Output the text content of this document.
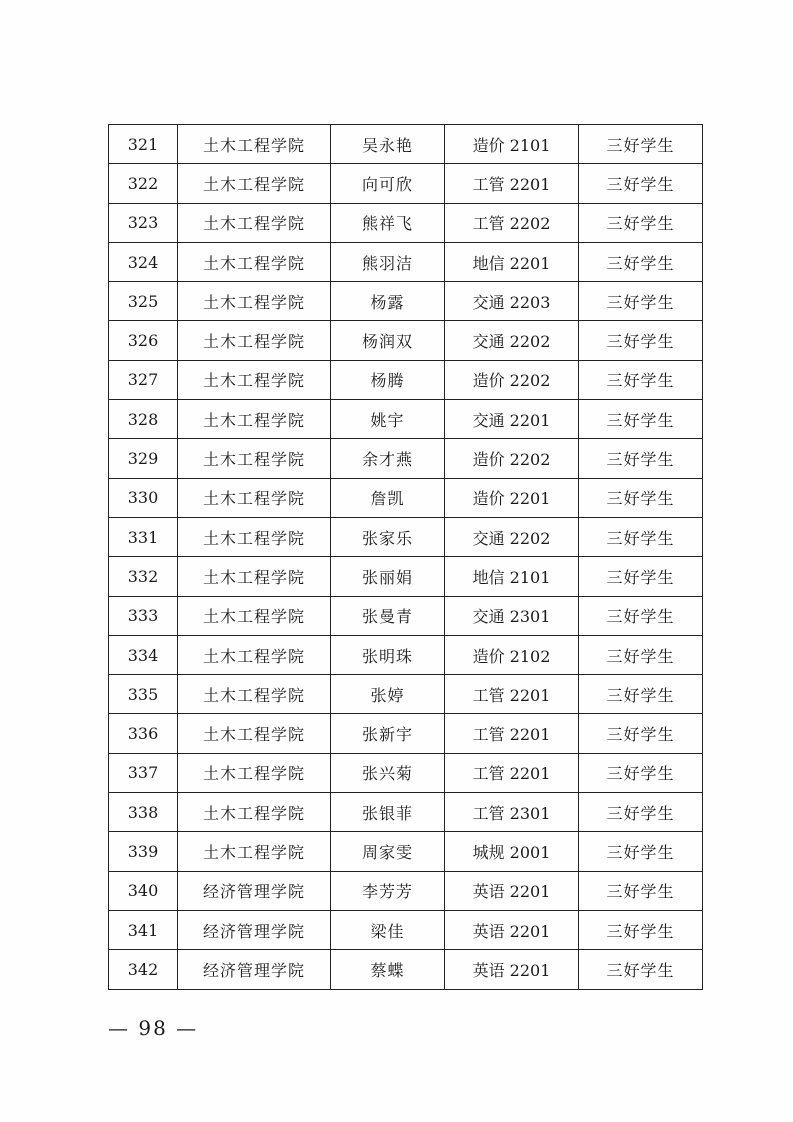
321	土木工程学院	吴永艳	造价 2101	三好学生
322	土木工程学院	向可欣	工管 2201	三好学生
323	土木工程学院	熊祥飞	工管 2202	三好学生
324	土木工程学院	熊羽洁	地信 2201	三好学生
325	土木工程学院	杨露	交通 2203	三好学生
326	土木工程学院	杨润双	交通 2202	三好学生
327	土木工程学院	杨腾	造价 2202	三好学生
328	土木工程学院	姚宇	交通 2201	三好学生
329	土木工程学院	余才燕	造价 2202	三好学生
330	土木工程学院	詹凯	造价 2201	三好学生
331	土木工程学院	张家乐	交通 2202	三好学生
332	土木工程学院	张丽娟	地信 2101	三好学生
333	土木工程学院	张曼青	交通 2301	三好学生
334	土木工程学院	张明珠	造价 2102	三好学生
335	土木工程学院	张婷	工管 2201	三好学生
336	土木工程学院	张新宇	工管 2201	三好学生
337	土木工程学院	张兴菊	工管 2201	三好学生
338	土木工程学院	张银菲	工管 2301	三好学生
339	土木工程学院	周家雯	城规 2001	三好学生
340	经济管理学院	李芳芳	英语 2201	三好学生
341	经济管理学院	梁佳	英语 2201	三好学生
342	经济管理学院	蔡蝶	英语 2201	三好学生
— 98 —
